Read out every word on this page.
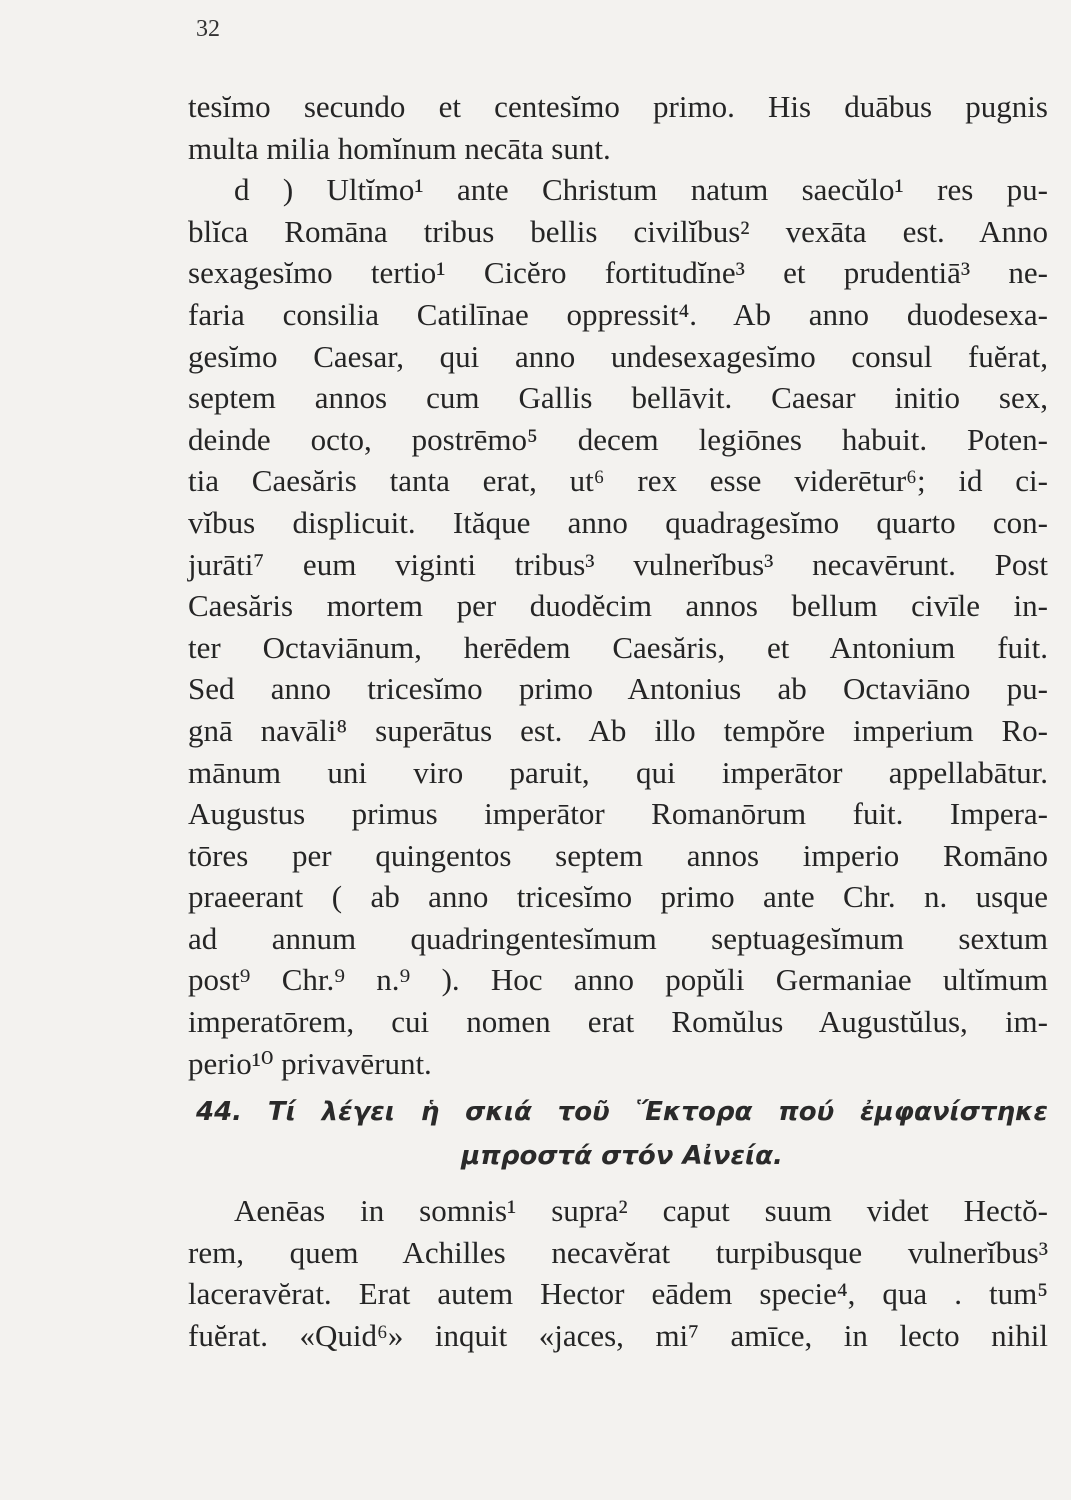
32
tesĭmo secundo et centesĭmo primo. His duābus pugnis
multa milia homĭnum necāta sunt.
d ) Ultĭmo¹ ante Christum natum saecŭlo¹ res pu-
blĭca Romāna tribus bellis civilĭbus² vexāta est. Anno
sexagesĭmo tertio¹ Cicĕro fortitudĭne³ et prudentiā³ ne-
faria consilia Catilīnae oppressit⁴. Ab anno duodesexa-
gesĭmo Caesar, qui anno undesexagesĭmo consul fuĕrat,
septem annos cum Gallis bellāvit. Caesar initio sex,
deinde octo, postrēmo⁵ decem legiōnes habuit. Poten-
tia Caesăris tanta erat, ut⁶ rex esse viderētur⁶; id ci-
vĭbus displicuit. Ităque anno quadragesĭmo quarto con-
jurāti⁷ eum viginti tribus³ vulnerĭbus³ necavērunt. Post
Caesăris mortem per duodĕcim annos bellum civīle in-
ter Octaviānum, herēdem Caesăris, et Antonium fuit.
Sed anno tricesĭmo primo Antonius ab Octaviāno pu-
gnā navāli⁸ superātus est. Ab illo tempŏre imperium Ro-
mānum uni viro paruit, qui imperātor appellabātur.
Augustus primus imperātor Romanōrum fuit. Impera-
tōres per quingentos septem annos imperio Romāno
praeerant ( ab anno tricesĭmo primo ante Chr. n. usque
ad annum quadringentesĭmum septuagesĭmum sextum
post⁹ Chr.⁹ n.⁹ ). Hoc anno popŭli Germaniae ultĭmum
imperatōrem, cui nomen erat Romŭlus Augustŭlus, im-
perio¹⁰ privavērunt.
44. Τί λέγει ἡ σκιά τοῦ Ἕκτορα πού ἐμφανίστηκε
μπροστά στόν Αἰνεία.
Aenēas in somnis¹ supra² caput suum videt Hectŏ-
rem, quem Achilles necavĕrat turpibusque vulnerĭbus³
laceravĕrat. Erat autem Hector eādem specie⁴, qua . tum⁵
fuĕrat. «Quid⁶» inquit «jaces, mi⁷ amīce, in lecto nihil
